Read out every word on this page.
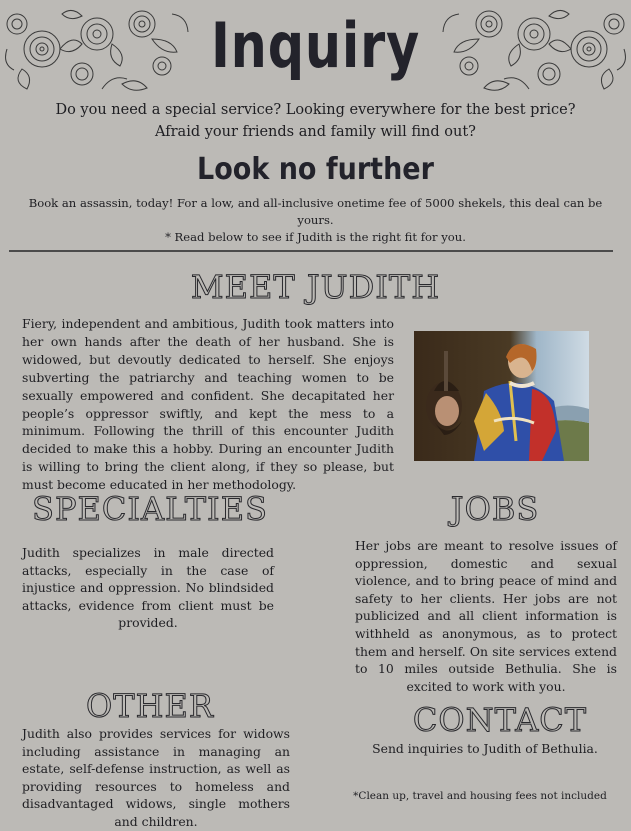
Inquiry
Do you need a special service? Looking everywhere for the best price? Afraid your friends and family will find out?
Look no further
Book an assassin, today! For a low, and all-inclusive onetime fee of 5000 shekels, this deal can be yours.
* Read below to see if Judith is the right fit for you.
MEET JUDITH
Fiery, independent and ambitious, Judith took matters into her own hands after the death of her husband. She is widowed, but devoutly dedicated to herself. She enjoys subverting the patriarchy and teaching women to be sexually empowered and confident. She decapitated her people’s oppressor swiftly, and kept the mess to a minimum. Following the thrill of this encounter Judith decided to make this a hobby. During an encounter Judith is willing to bring the client along, if they so please, but must become educated in her methodology.
SPECIALTIES
Judith specializes in male directed attacks, especially in the case of injustice and oppression. No blindsided attacks, evidence from client must be provided.
JOBS
Her jobs are meant to resolve issues of oppression, domestic and sexual violence, and to bring peace of mind and safety to her clients. Her jobs are not publicized and all client information is withheld as anonymous, as to protect them and herself. On site services extend to 10 miles outside Bethulia. She is excited to work with you.
OTHER
Judith also provides services for widows including assistance in managing an estate, self-defense instruction, as well as providing resources to homeless and disadvantaged widows, single mothers and children.
CONTACT
Send inquiries to Judith of Bethulia.
*Clean up, travel and housing fees not included
